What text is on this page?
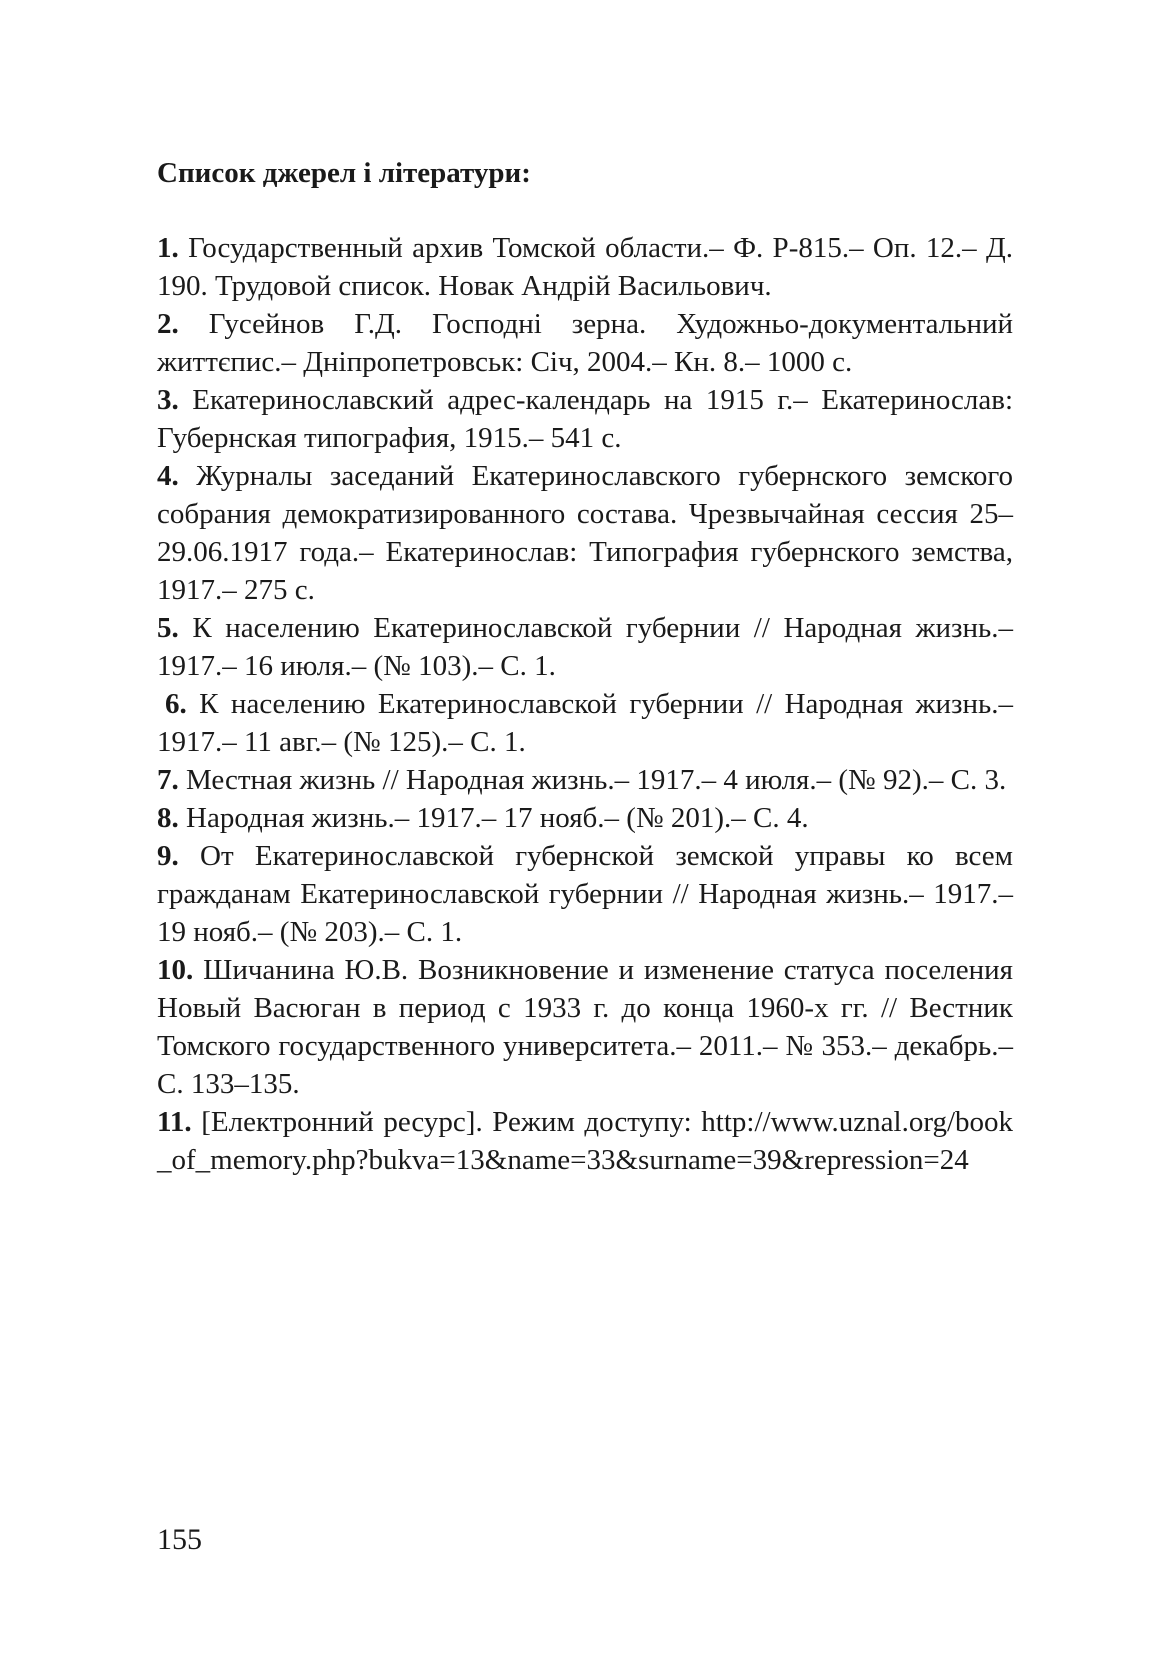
Список джерел і літератури:
1. Государственный архив Томской области.– Ф. Р-815.– Оп. 12.– Д. 190. Трудовой список. Новак Андрій Васильович.
2. Гусейнов Г.Д. Господні зерна. Художньо-документальний життєпис.– Дніпропетровськ: Січ, 2004.– Кн. 8.– 1000 с.
3. Екатеринославский адрес-календарь на 1915 г.– Екатеринослав: Губернская типография, 1915.– 541 с.
4. Журналы заседаний Екатеринославского губернского земского собрания демократизированного состава. Чрезвычайная сессия 25–29.06.1917 года.– Екатеринослав: Типография губернского земства, 1917.– 275 с.
5. К населению Екатеринославской губернии // Народная жизнь.– 1917.– 16 июля.– (№ 103).– С. 1.
6. К населению Екатеринославской губернии // Народная жизнь.– 1917.– 11 авг.– (№ 125).– С. 1.
7. Местная жизнь // Народная жизнь.– 1917.– 4 июля.– (№ 92).– С. 3.
8. Народная жизнь.– 1917.– 17 нояб.– (№ 201).– С. 4.
9. От Екатеринославской губернской земской управы ко всем гражданам Екатеринославской губернии // Народная жизнь.– 1917.– 19 нояб.– (№ 203).– С. 1.
10. Шичанина Ю.В. Возникновение и изменение статуса поселения Новый Васюган в период с 1933 г. до конца 1960-х гг. // Вестник Томского государственного университета.– 2011.– № 353.– декабрь.– С. 133–135.
11. [Електронний ресурс]. Режим доступу: http://www.uznal.org/book_of_memory.php?bukva=13&name=33&surname=39&repression=24
155
